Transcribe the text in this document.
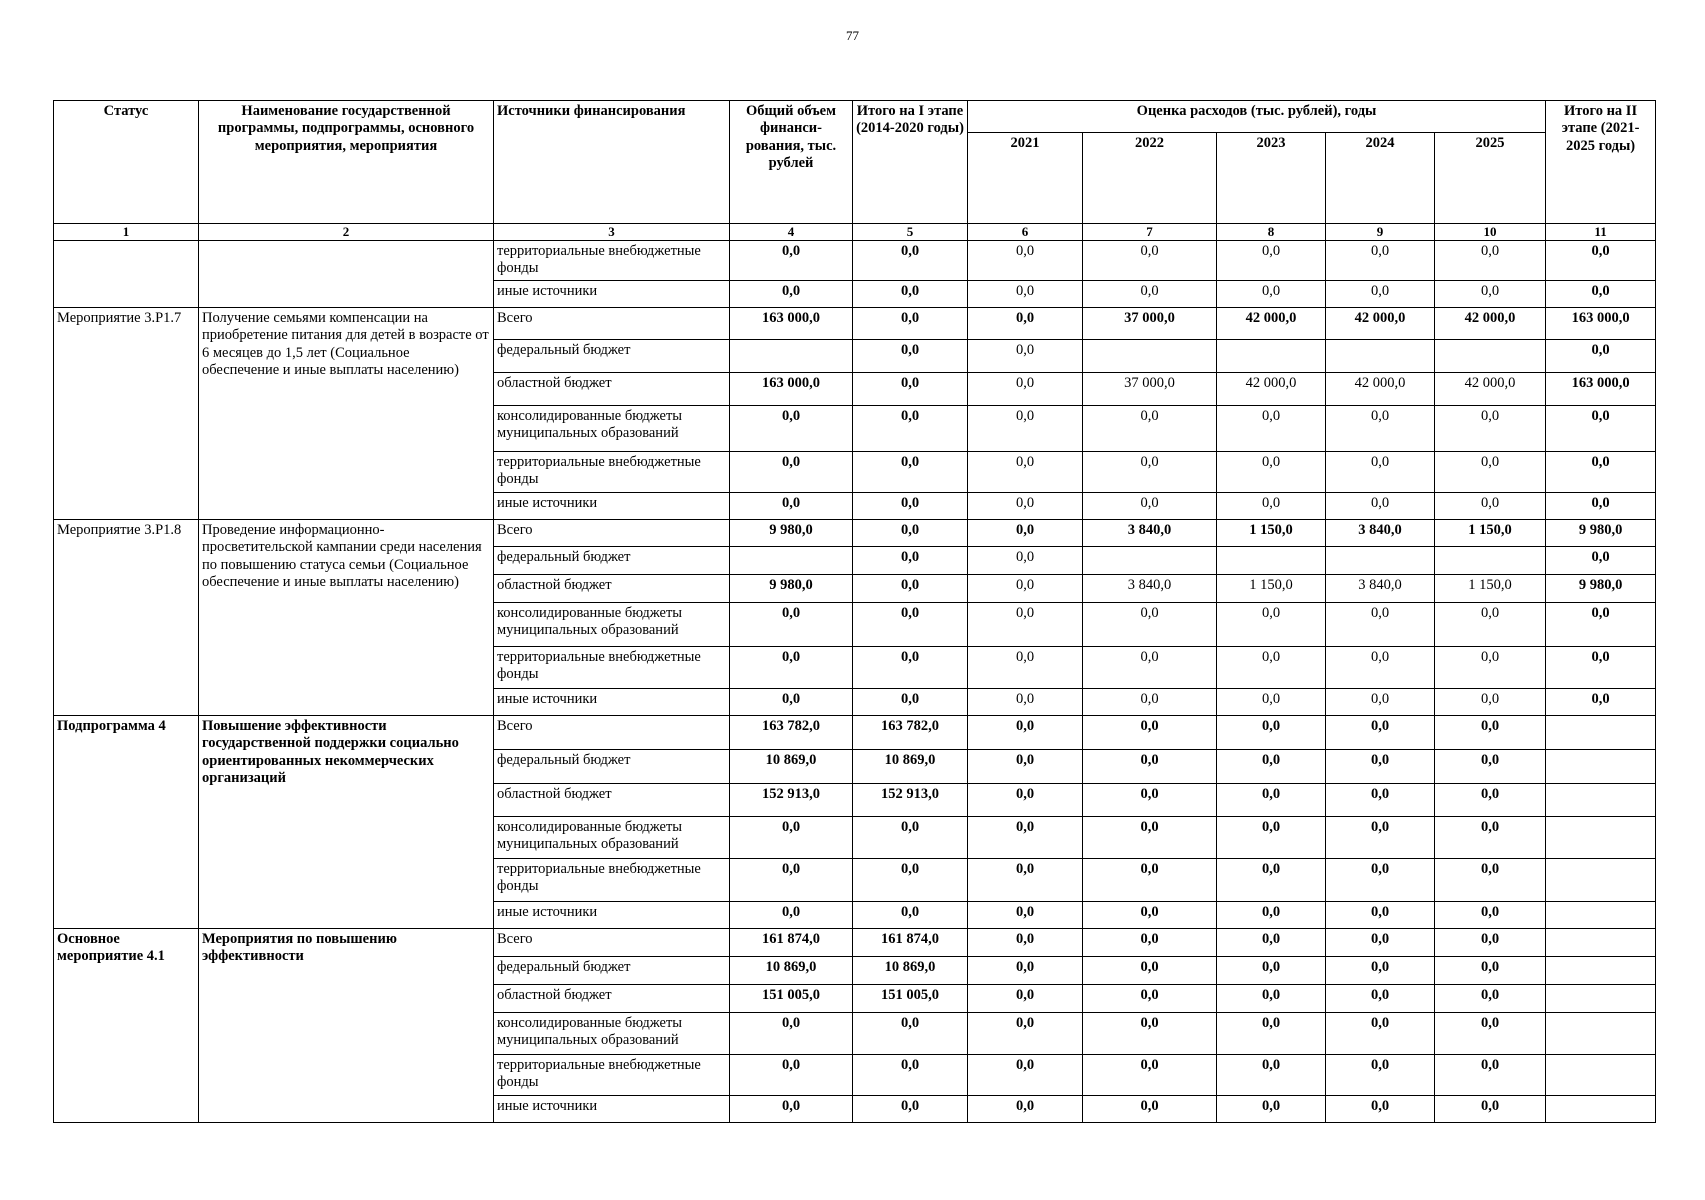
77
Статус	Наименование государственной программы, подпрограммы, основного мероприятия, мероприятия	Источники финансирования	Общий объем финанси-рования, тыс. рублей	Итого на I этапе (2014-2020 годы)	Оценка расходов (тыс. рублей), годы					Итого на II этапе (2021-2025 годы)
					2021	2022	2023	2024	2025	
1	2	3	4	5	6	7	8	9	10	11
		территориальные внебюджетные фонды	0,0	0,0	0,0	0,0	0,0	0,0	0,0	0,0
		иные источники	0,0	0,0	0,0	0,0	0,0	0,0	0,0	0,0
Мероприятие 3.P1.7	Получение семьями компенсации на приобретение питания для детей в возрасте от 6 месяцев до 1,5 лет (Социальное обеспечение и иные выплаты населению)	Всего	163 000,0	0,0	0,0	37 000,0	42 000,0	42 000,0	42 000,0	163 000,0
		федеральный бюджет		0,0	0,0					0,0
		областной бюджет	163 000,0	0,0	0,0	37 000,0	42 000,0	42 000,0	42 000,0	163 000,0
		консолидированные бюджеты муниципальных образований	0,0	0,0	0,0	0,0	0,0	0,0	0,0	0,0
		территориальные внебюджетные фонды	0,0	0,0	0,0	0,0	0,0	0,0	0,0	0,0
		иные источники	0,0	0,0	0,0	0,0	0,0	0,0	0,0	0,0
Мероприятие 3.P1.8	Проведение информационно-просветительской кампании среди населения по повышению статуса семьи (Социальное обеспечение и иные выплаты населению)	Всего	9 980,0	0,0	0,0	3 840,0	1 150,0	3 840,0	1 150,0	9 980,0
		федеральный бюджет		0,0	0,0					0,0
		областной бюджет	9 980,0	0,0	0,0	3 840,0	1 150,0	3 840,0	1 150,0	9 980,0
		консолидированные бюджеты муниципальных образований	0,0	0,0	0,0	0,0	0,0	0,0	0,0	0,0
		территориальные внебюджетные фонды	0,0	0,0	0,0	0,0	0,0	0,0	0,0	0,0
		иные источники	0,0	0,0	0,0	0,0	0,0	0,0	0,0	0,0
Подпрограмма 4	Повышение эффективности государственной поддержки социально ориентированных некоммерческих организаций	Всего	163 782,0	163 782,0	0,0	0,0	0,0	0,0	0,0	
		федеральный бюджет	10 869,0	10 869,0	0,0	0,0	0,0	0,0	0,0	
		областной бюджет	152 913,0	152 913,0	0,0	0,0	0,0	0,0	0,0	
		консолидированные бюджеты муниципальных образований	0,0	0,0	0,0	0,0	0,0	0,0	0,0	
		территориальные внебюджетные фонды	0,0	0,0	0,0	0,0	0,0	0,0	0,0	
		иные источники	0,0	0,0	0,0	0,0	0,0	0,0	0,0	
Основное мероприятие 4.1	Мероприятия по повышению эффективности	Всего	161 874,0	161 874,0	0,0	0,0	0,0	0,0	0,0	
		федеральный бюджет	10 869,0	10 869,0	0,0	0,0	0,0	0,0	0,0	
		областной бюджет	151 005,0	151 005,0	0,0	0,0	0,0	0,0	0,0	
		консолидированные бюджеты муниципальных образований	0,0	0,0	0,0	0,0	0,0	0,0	0,0	
		территориальные внебюджетные фонды	0,0	0,0	0,0	0,0	0,0	0,0	0,0	
		иные источники	0,0	0,0	0,0	0,0	0,0	0,0	0,0	
